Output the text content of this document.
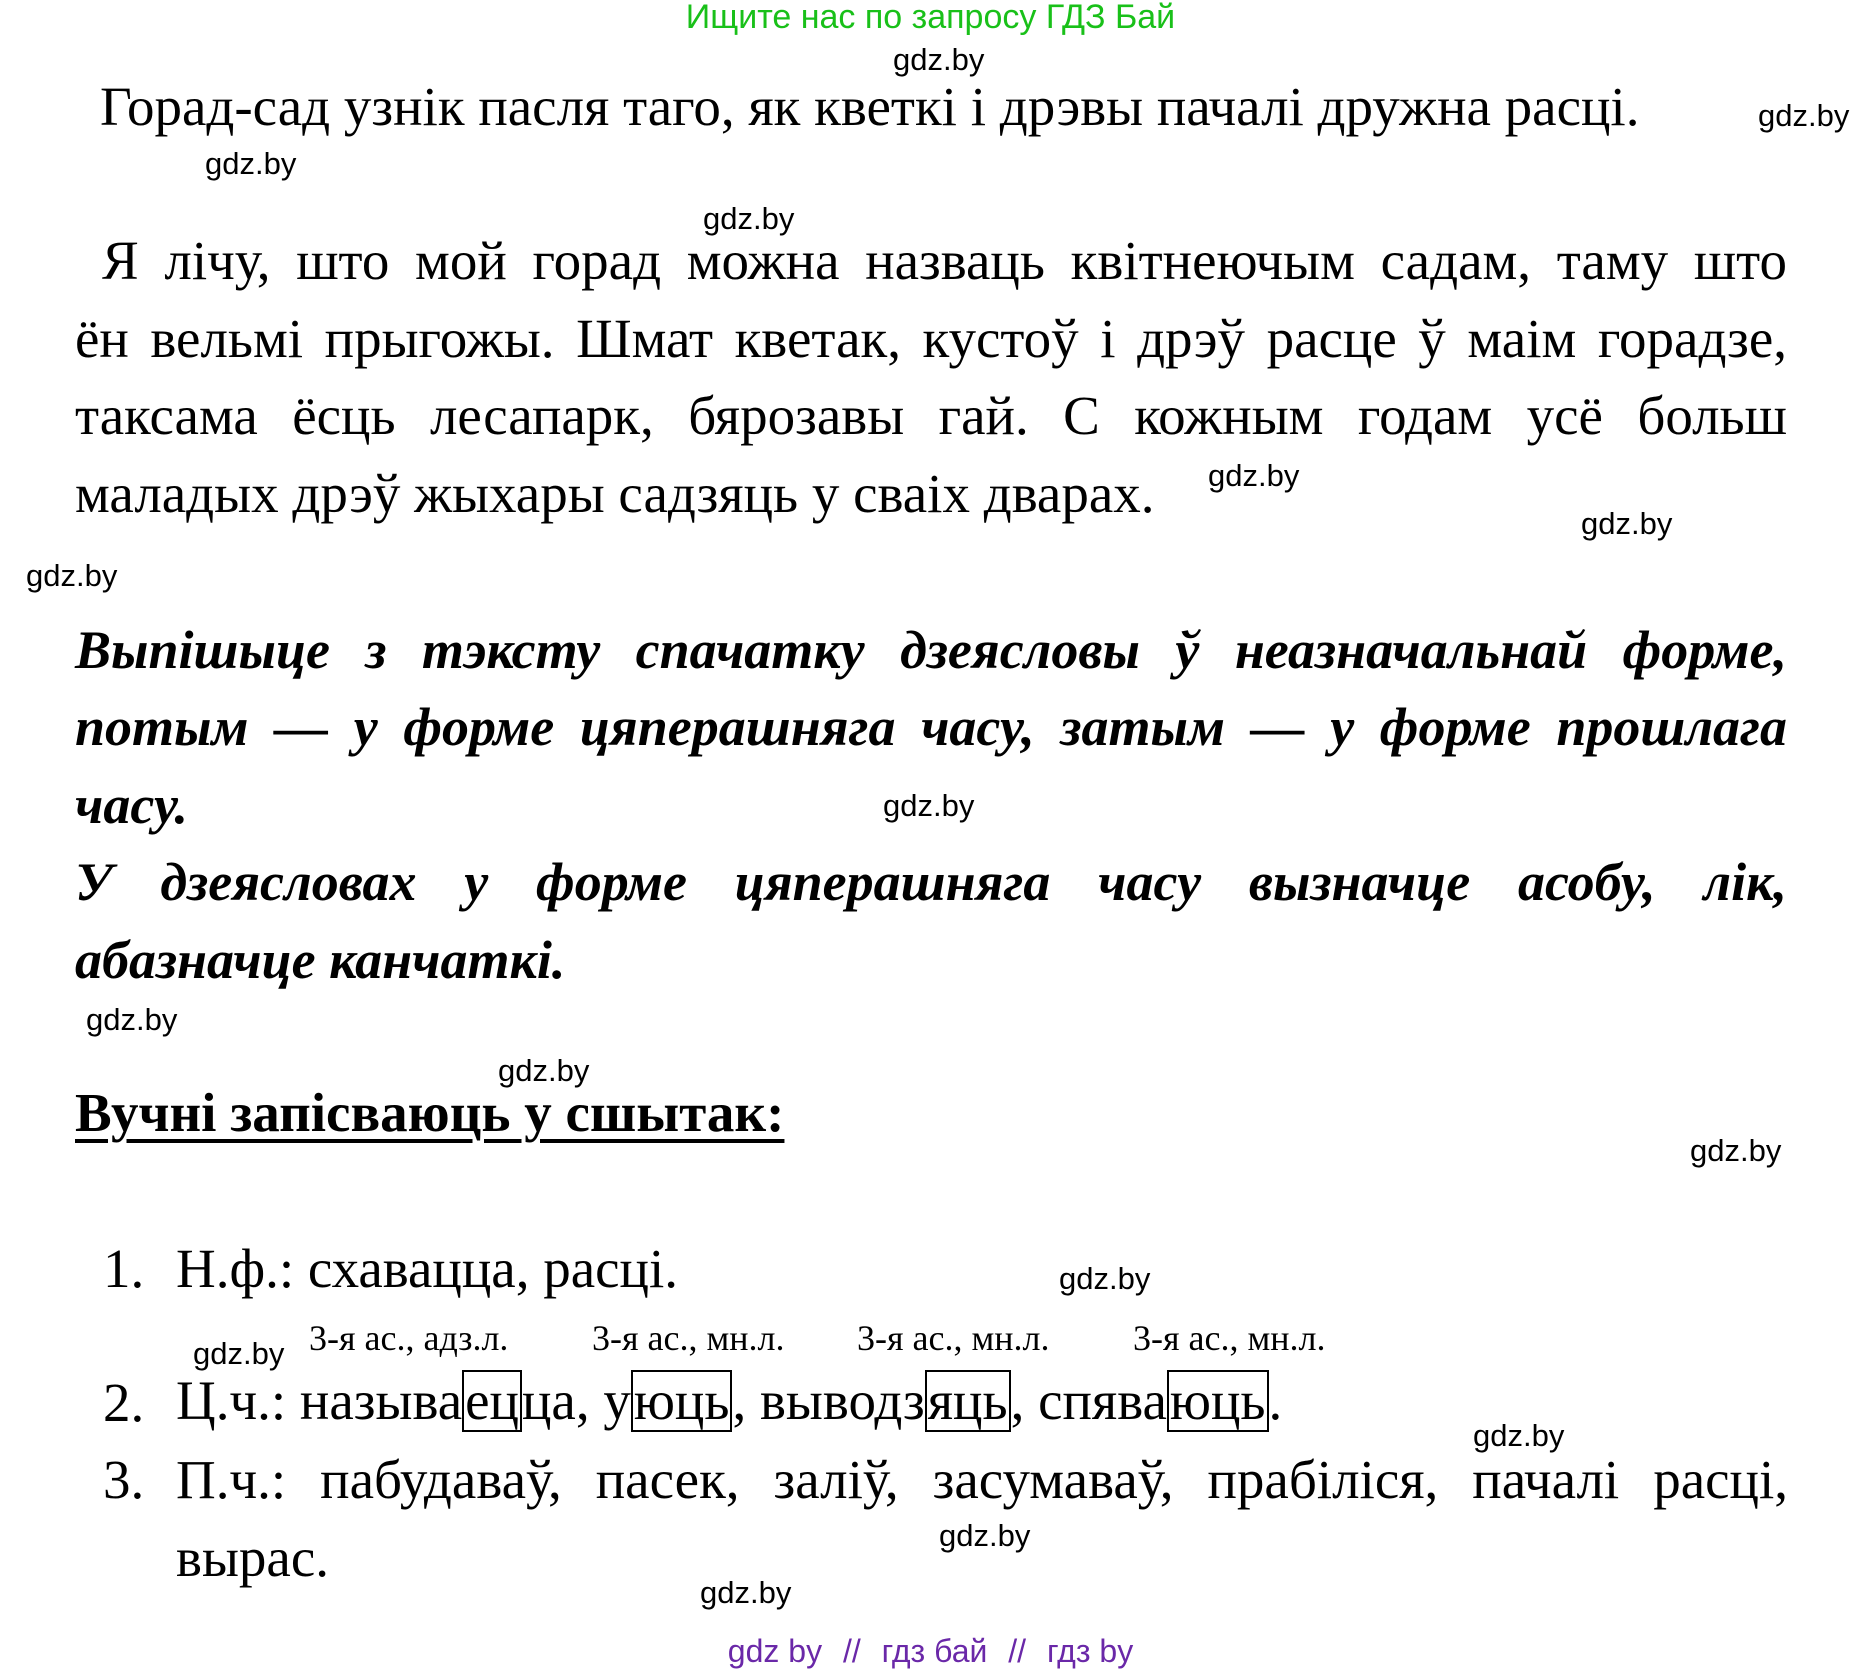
Ищите нас по запросу ГДЗ Бай
gdz.by
gdz.by
gdz.by
gdz.by
gdz.by
gdz.by
gdz.by
gdz.by
gdz.by
gdz.by
gdz.by
gdz.by
gdz.by
gdz.by
gdz.by
gdz.by
Горад-сад узнік пасля таго, як кветкі і дрэвы пачалі дружна расці.
Я лічу, што мой горад можна назваць квітнеючым садам, таму што
ён вельмі прыгожы. Шмат кветак, кустоў і дрэў расце ў маім горадзе,
таксама ёсць лесапарк, бярозавы гай. С кожным годам усё больш
маладых дрэў жыхары садзяць у сваіх дварах.
Выпішыце з тэксту спачатку дзеясловы ў неазначальнай форме,
потым — у форме цяперашняга часу, затым — у форме прошлага
часу.
У дзеясловах у форме цяперашняга часу вызначце асобу, лік,
абазначце канчаткі.
Вучні запісваюць у сшытак:
1. Н.ф.: схавацца, расці.
3-я ас., адз.л. 3-я ас., мн.л. 3-я ас., мн.л. 3-я ас., мн.л.
2. Ц.ч.: называецца, уюць, выводзяць, спяваюць.
3. П.ч.: пабудаваў, пасек, заліў, засумаваў, прабіліся, пачалі расці,
вырас.
gdz by // гдз бай // гдз by
